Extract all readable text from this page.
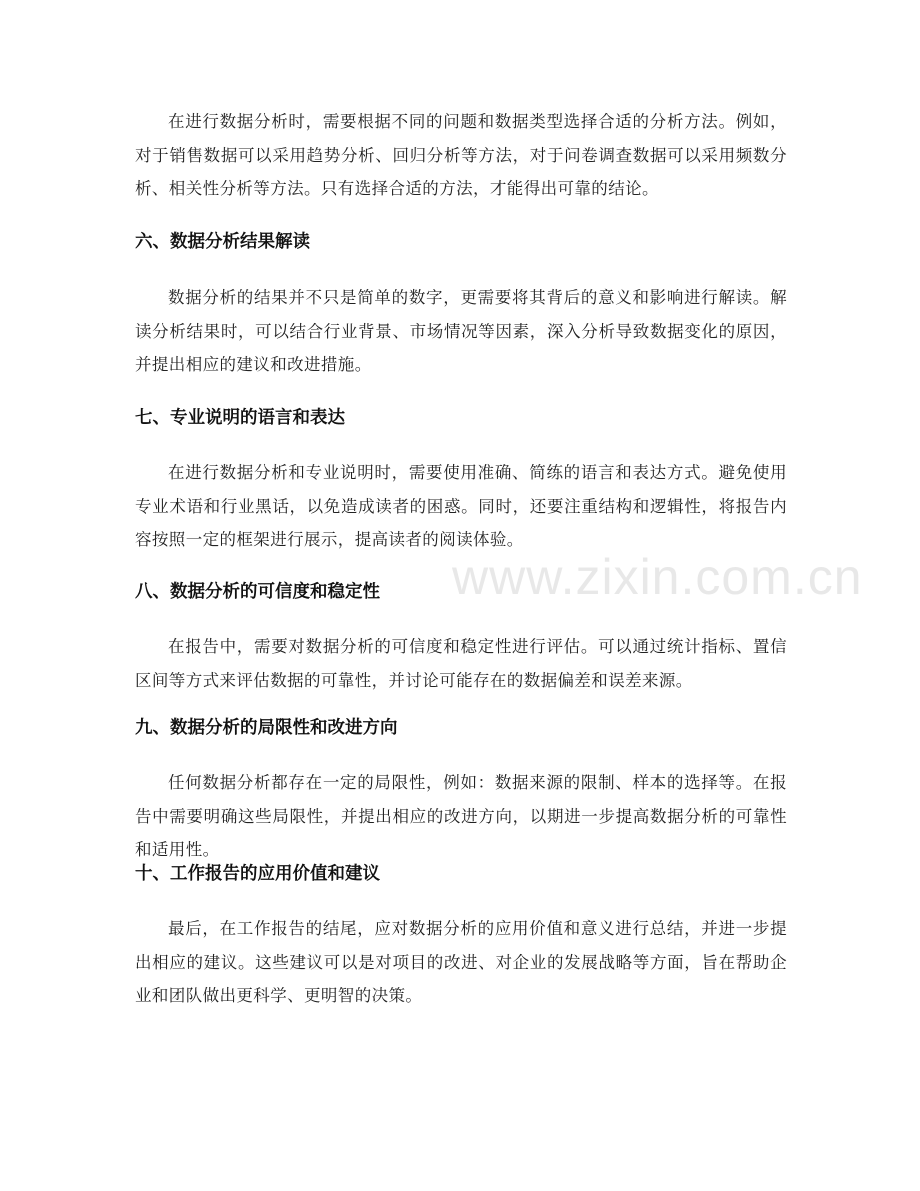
在进行数据分析时，需要根据不同的问题和数据类型选择合适的分析方法。例如，对于销售数据可以采用趋势分析、回归分析等方法，对于问卷调查数据可以采用频数分析、相关性分析等方法。只有选择合适的方法，才能得出可靠的结论。

六、数据分析结果解读

数据分析的结果并不只是简单的数字，更需要将其背后的意义和影响进行解读。解读分析结果时，可以结合行业背景、市场情况等因素，深入分析导致数据变化的原因，并提出相应的建议和改进措施。

七、专业说明的语言和表达

在进行数据分析和专业说明时，需要使用准确、简练的语言和表达方式。避免使用专业术语和行业黑话，以免造成读者的困惑。同时，还要注重结构和逻辑性，将报告内容按照一定的框架进行展示，提高读者的阅读体验。

八、数据分析的可信度和稳定性

在报告中，需要对数据分析的可信度和稳定性进行评估。可以通过统计指标、置信区间等方式来评估数据的可靠性，并讨论可能存在的数据偏差和误差来源。

九、数据分析的局限性和改进方向

任何数据分析都存在一定的局限性，例如：数据来源的限制、样本的选择等。在报告中需要明确这些局限性，并提出相应的改进方向，以期进一步提高数据分析的可靠性和适用性。

十、工作报告的应用价值和建议

最后，在工作报告的结尾，应对数据分析的应用价值和意义进行总结，并进一步提出相应的建议。这些建议可以是对项目的改进、对企业的发展战略等方面，旨在帮助企业和团队做出更科学、更明智的决策。

www.zixin.com.cn
